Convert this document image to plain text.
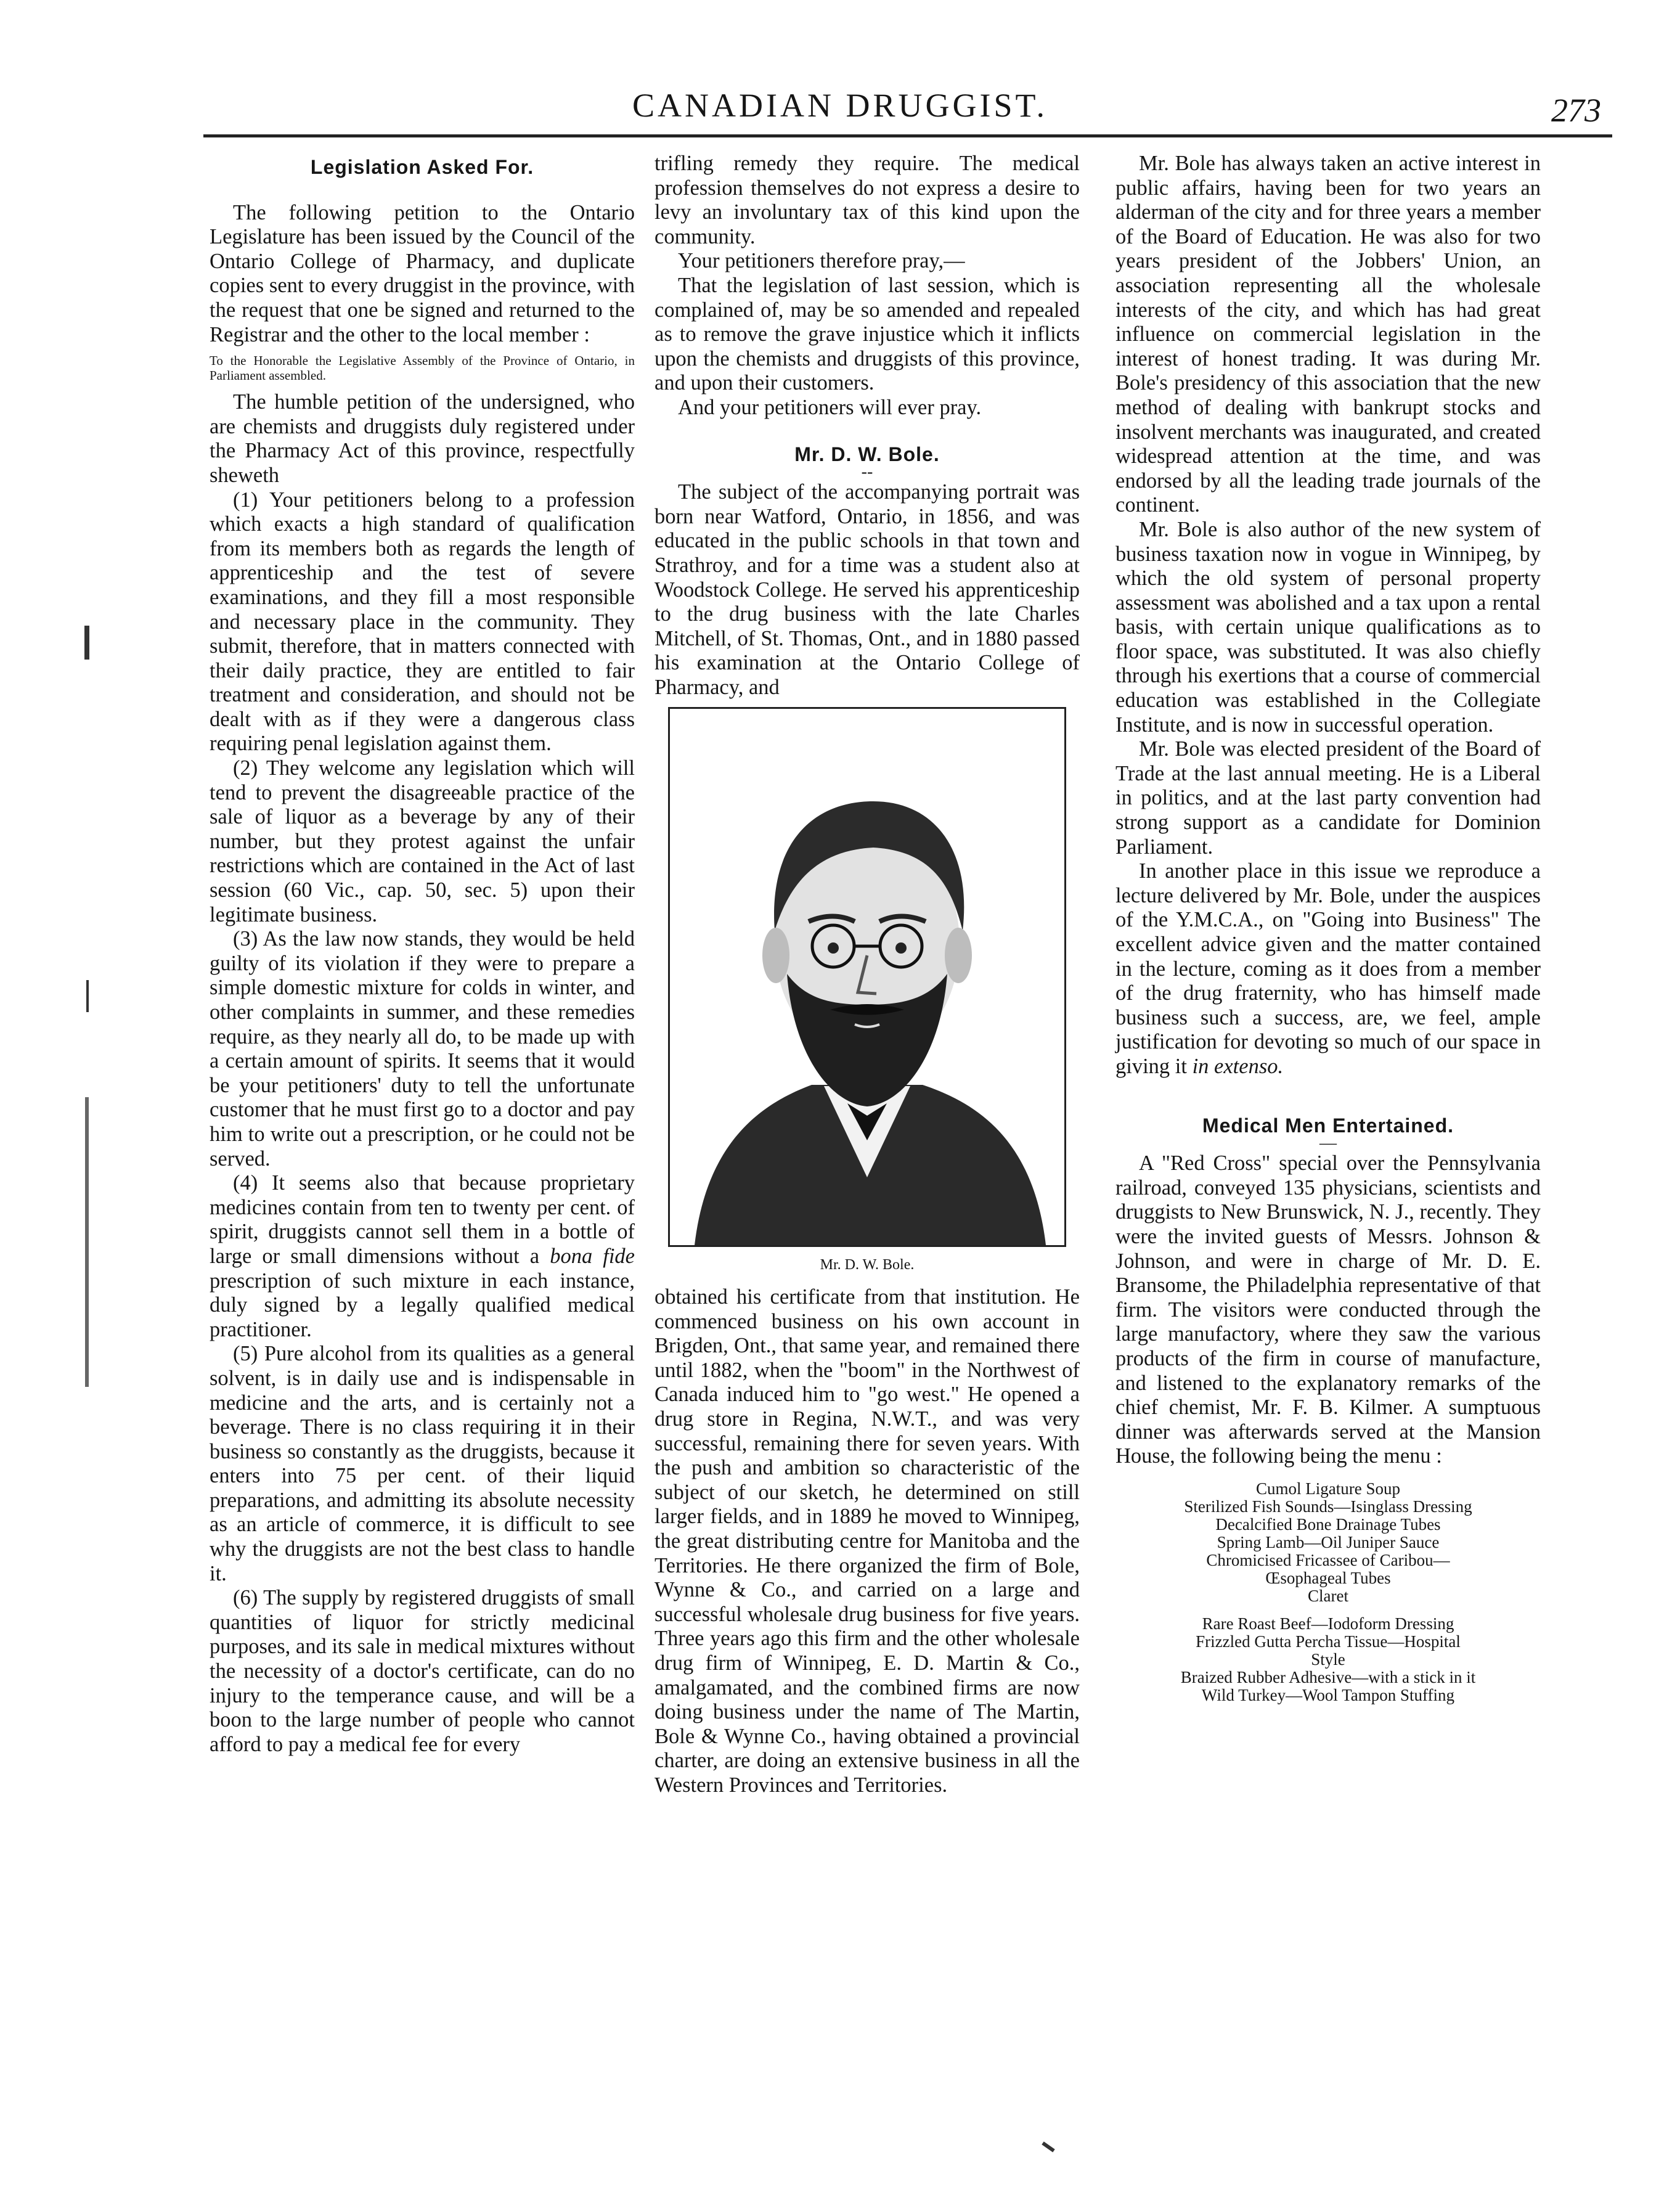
CANADIAN DRUGGIST.	273
Legislation Asked For.

The following petition to the Ontario Legislature has been issued by the Council of the Ontario College of Pharmacy, and duplicate copies sent to every druggist in the province, with the request that one be signed and returned to the Registrar and the other to the local member :

To the Honorable the Legislative Assembly of the Province of Ontario, in Parliament assembled.

The humble petition of the undersigned, who are chemists and druggists duly registered under the Pharmacy Act of this province, respectfully sheweth

(1) Your petitioners belong to a profession which exacts a high standard of qualification from its members both as regards the length of apprenticeship and the test of severe examinations, and they fill a most responsible and necessary place in the community. They submit, therefore, that in matters connected with their daily practice, they are entitled to fair treatment and consideration, and should not be dealt with as if they were a dangerous class requiring penal legislation against them.

(2) They welcome any legislation which will tend to prevent the disagreeable practice of the sale of liquor as a beverage by any of their number, but they protest against the unfair restrictions which are contained in the Act of last session (60 Vic., cap. 50, sec. 5) upon their legitimate business.

(3) As the law now stands, they would be held guilty of its violation if they were to prepare a simple domestic mixture for colds in winter, and other complaints in summer, and these remedies require, as they nearly all do, to be made up with a certain amount of spirits. It seems that it would be your petitioners' duty to tell the unfortunate customer that he must first go to a doctor and pay him to write out a prescription, or he could not be served.

(4) It seems also that because proprietary medicines contain from ten to twenty per cent. of spirit, druggists cannot sell them in a bottle of large or small dimensions without a bona fide prescription of such mixture in each instance, duly signed by a legally qualified medical practitioner.

(5) Pure alcohol from its qualities as a general solvent, is in daily use and is indispensable in medicine and the arts, and is certainly not a beverage. There is no class requiring it in their business so constantly as the druggists, because it enters into 75 per cent. of their liquid preparations, and admitting its absolute necessity as an article of commerce, it is difficult to see why the druggists are not the best class to handle it.

(6) The supply by registered druggists of small quantities of liquor for strictly medicinal purposes, and its sale in medical mixtures without the necessity of a doctor's certificate, can do no injury to the temperance cause, and will be a boon to the large number of people who cannot afford to pay a medical fee for every

trifling remedy they require. The medical profession themselves do not express a desire to levy an involuntary tax of this kind upon the community.

Your petitioners therefore pray,—

That the legislation of last session, which is complained of, may be so amended and repealed as to remove the grave injustice which it inflicts upon the chemists and druggists of this province, and upon their customers.

And your petitioners will ever pray.

Mr. D. W. Bole.
--

The subject of the accompanying portrait was born near Watford, Ontario, in 1856, and was educated in the public schools in that town and Strathroy, and for a time was a student also at Woodstock College. He served his apprenticeship to the drug business with the late Charles Mitchell, of St. Thomas, Ont., and in 1880 passed his examination at the Ontario College of Pharmacy, and

Mr. D. W. Bole.

obtained his certificate from that institution. He commenced business on his own account in Brigden, Ont., that same year, and remained there until 1882, when the "boom" in the Northwest of Canada induced him to "go west." He opened a drug store in Regina, N.W.T., and was very successful, remaining there for seven years. With the push and ambition so characteristic of the subject of our sketch, he determined on still larger fields, and in 1889 he moved to Winnipeg, the great distributing centre for Manitoba and the Territories. He there organized the firm of Bole, Wynne & Co., and carried on a large and successful wholesale drug business for five years. Three years ago this firm and the other wholesale drug firm of Winnipeg, E. D. Martin & Co., amalgamated, and the combined firms are now doing business under the name of The Martin, Bole & Wynne Co., having obtained a provincial charter, are doing an extensive business in all the Western Provinces and Territories.

Mr. Bole has always taken an active interest in public affairs, having been for two years an alderman of the city and for three years a member of the Board of Education. He was also for two years president of the Jobbers' Union, an association representing all the wholesale interests of the city, and which has had great influence on commercial legislation in the interest of honest trading. It was during Mr. Bole's presidency of this association that the new method of dealing with bankrupt stocks and insolvent merchants was inaugurated, and created widespread attention at the time, and was endorsed by all the leading trade journals of the continent.

Mr. Bole is also author of the new system of business taxation now in vogue in Winnipeg, by which the old system of personal property assessment was abolished and a tax upon a rental basis, with certain unique qualifications as to floor space, was substituted. It was also chiefly through his exertions that a course of commercial education was established in the Collegiate Institute, and is now in successful operation.

Mr. Bole was elected president of the Board of Trade at the last annual meeting. He is a Liberal in politics, and at the last party convention had strong support as a candidate for Dominion Parliament.

In another place in this issue we reproduce a lecture delivered by Mr. Bole, under the auspices of the Y.M.C.A., on "Going into Business" The excellent advice given and the matter contained in the lecture, coming as it does from a member of the drug fraternity, who has himself made business such a success, are, we feel, ample justification for devoting so much of our space in giving it in extenso.

Medical Men Entertained.
—

A "Red Cross" special over the Pennsylvania railroad, conveyed 135 physicians, scientists and druggists to New Brunswick, N. J., recently. They were the invited guests of Messrs. Johnson & Johnson, and were in charge of Mr. D. E. Bransome, the Philadelphia representative of that firm. The visitors were conducted through the large manufactory, where they saw the various products of the firm in course of manufacture, and listened to the explanatory remarks of the chief chemist, Mr. F. B. Kilmer. A sumptuous dinner was afterwards served at the Mansion House, the following being the menu :

Cumol Ligature Soup
Sterilized Fish Sounds—Isinglass Dressing
Decalcified Bone Drainage Tubes
Spring Lamb—Oil Juniper Sauce
Chromicised Fricassee of Caribou—
Œsophageal Tubes
Claret
Rare Roast Beef—Iodoform Dressing
Frizzled Gutta Percha Tissue—Hospital
Style
Braized Rubber Adhesive—with a stick in it
Wild Turkey—Wool Tampon Stuffing
